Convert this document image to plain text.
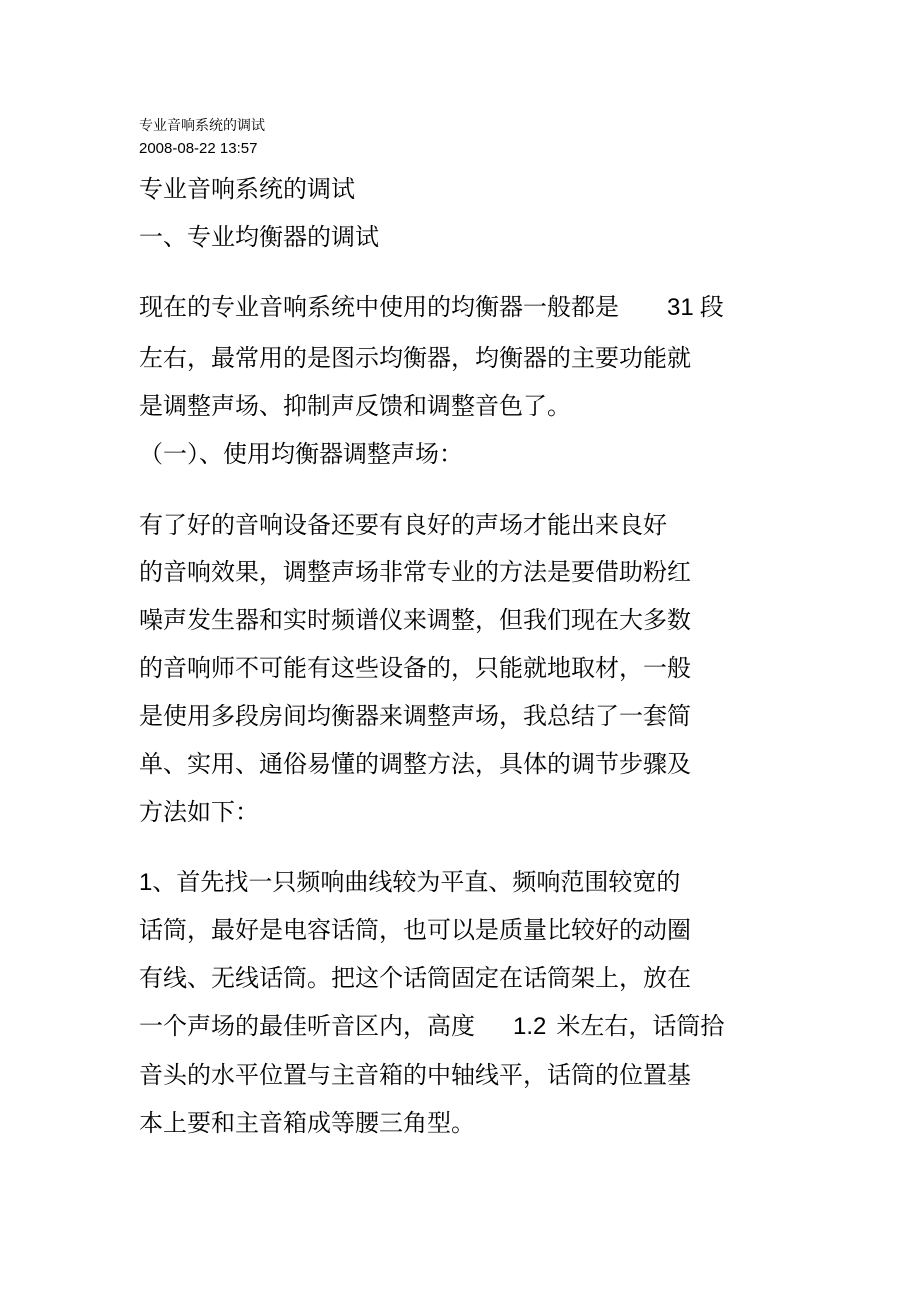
专业音响系统的调试
2008-08-22 13:57
专业音响系统的调试
一、专业均衡器的调试
现在的专业音响系统中使用的均衡器一般都是 31 段
左右，最常用的是图示均衡器，均衡器的主要功能就
是调整声场、抑制声反馈和调整音色了。
（一）、使用均衡器调整声场：
有了好的音响设备还要有良好的声场才能出来良好
的音响效果，调整声场非常专业的方法是要借助粉红
噪声发生器和实时频谱仪来调整，但我们现在大多数
的音响师不可能有这些设备的，只能就地取材，一般
是使用多段房间均衡器来调整声场，我总结了一套简
单、实用、通俗易懂的调整方法，具体的调节步骤及
方法如下：
1、首先找一只频响曲线较为平直、频响范围较宽的
话筒，最好是电容话筒，也可以是质量比较好的动圈
有线、无线话筒。把这个话筒固定在话筒架上，放在
一个声场的最佳听音区内，高度 1.2 米左右，话筒拾
音头的水平位置与主音箱的中轴线平，话筒的位置基
本上要和主音箱成等腰三角型。
